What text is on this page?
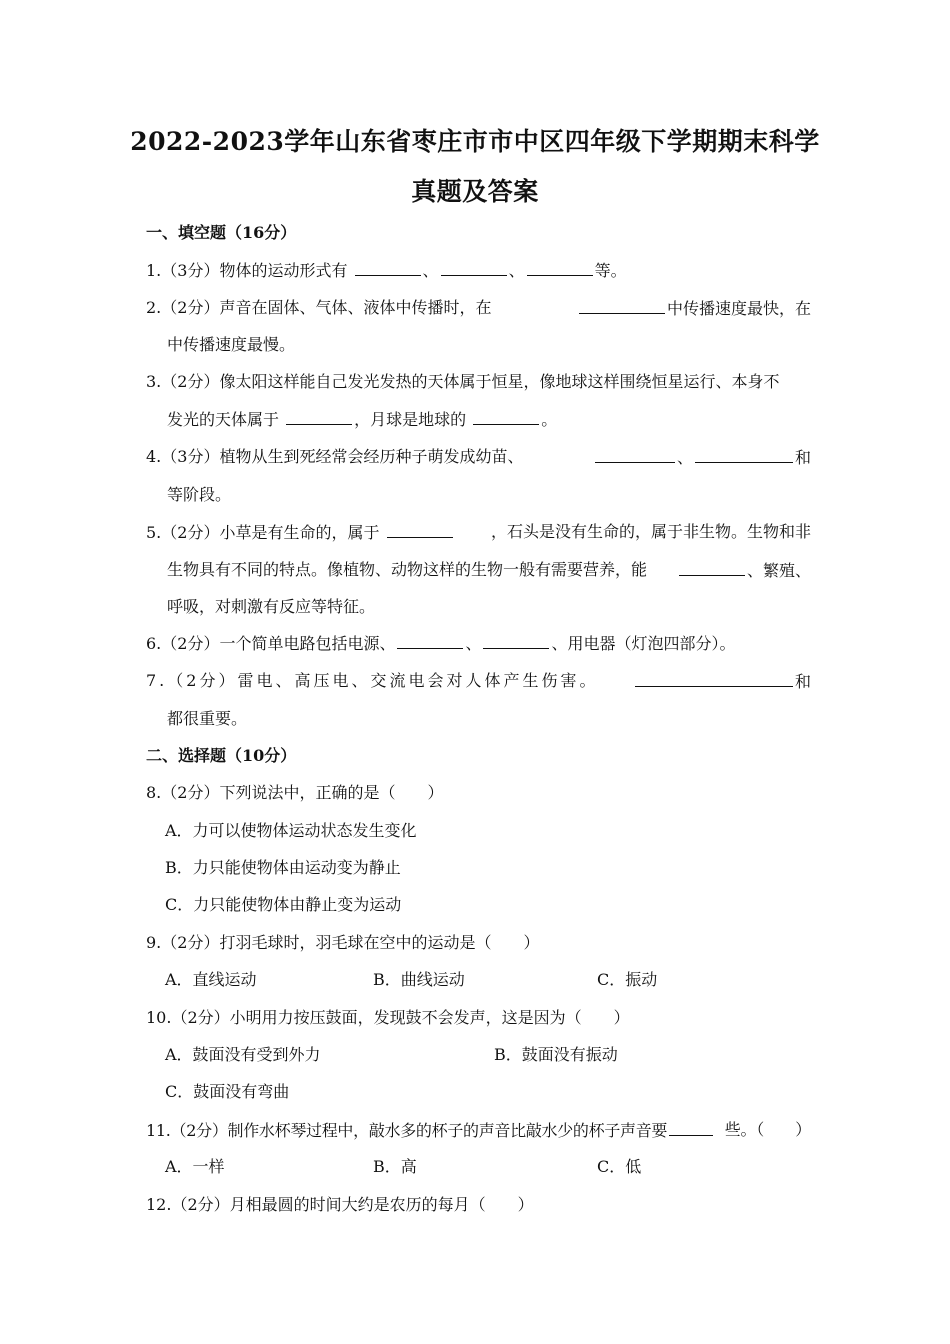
2022-2023学年山东省枣庄市市中区四年级下学期期末科学
真题及答案
一、填空题（16分）
1.（3分）物体的运动形式有	、	、	等。
2.（2分）声音在固体、气体、液体中传播时，在	中传播速度最快，在
中传播速度最慢。
3.（2分）像太阳这样能自己发光发热的天体属于恒星，像地球这样围绕恒星运行、本身不
发光的天体属于	，月球是地球的	。
4.（3分）植物从生到死经常会经历种子萌发成幼苗、	、	和
等阶段。
5.（2分）小草是有生命的，属于	，石头是没有生命的，属于非生物。生物和非
生物具有不同的特点。像植物、动物这样的生物一般有需要营养，能	、繁殖、
呼吸，对刺激有反应等特征。
6.（2分）一个简单电路包括电源、	、	、用电器（灯泡四部分）。
7.（2分）雷电、高压电、交流电会对人体产生伤害。	和
都很重要。
二、选择题（10分）
8.（2分）下列说法中，正确的是（　　）
A．力可以使物体运动状态发生变化
B．力只能使物体由运动变为静止
C．力只能使物体由静止变为运动
9.（2分）打羽毛球时，羽毛球在空中的运动是（　　）
A．直线运动	B．曲线运动	C．振动
10.（2分）小明用力按压鼓面，发现鼓不会发声，这是因为（　　）
A．鼓面没有受到外力	B．鼓面没有振动
C．鼓面没有弯曲
11.（2分）制作水杯琴过程中，敲水多的杯子的声音比敲水少的杯子声音要	些。（　　）
A．一样	B．高	C．低
12.（2分）月相最圆的时间大约是农历的每月（　　）
